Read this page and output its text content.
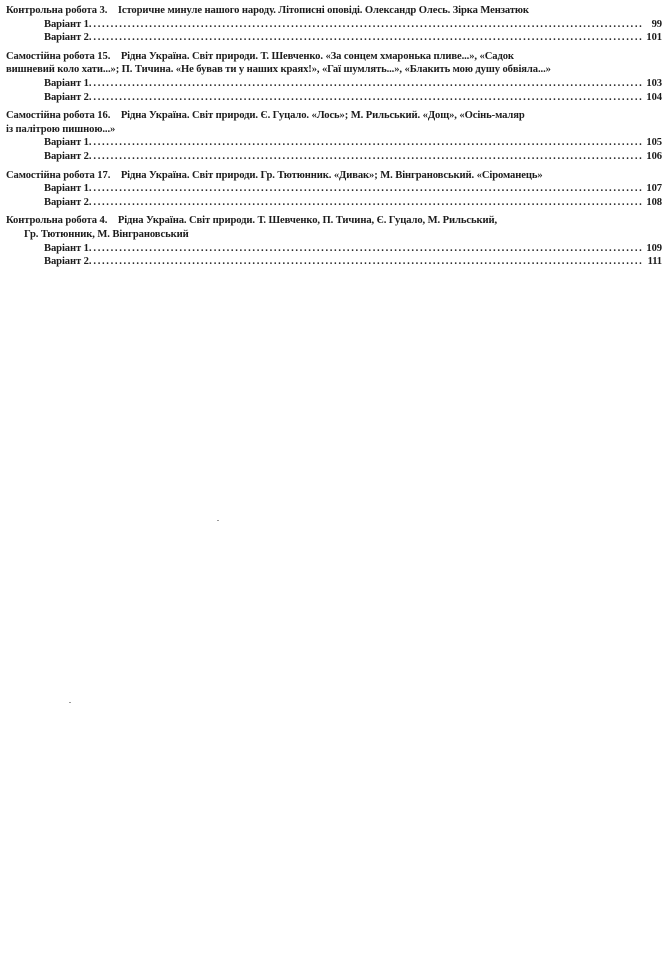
Контрольна робота 3. Історичне минуле нашого народу. Літописні оповіді. Олександр Олесь. Зірка Мензатюк
Варіант 1. . . .	99
Варіант 2. . . .	101
Самостійна робота 15. Рідна Україна. Світ природи. Т. Шевченко. «За сонцем хмаронька пливе...», «Садок
вишневий коло хати...»; П. Тичина. «Не бував ти у наших краях!», «Гаї шумлять...», «Блакить мою душу обвіяла...»
Варіант 1. . . .	103
Варіант 2. . . .	104
Самостійна робота 16. Рідна Україна. Світ природи. Є. Гуцало. «Лось»; М. Рильський. «Дощ», «Осінь-маляр
із палітрою пишною...»
Варіант 1. . . .	105
Варіант 2. . . .	106
Самостійна робота 17. Рідна Україна. Світ природи. Гр. Тютюнник. «Дивак»; М. Вінграновський. «Сіроманець»
Варіант 1. . . .	107
Варіант 2. . . .	108
Контрольна робота 4. Рідна Україна. Світ природи. Т. Шевченко, П. Тичина, Є. Гуцало, М. Рильський,
Гр. Тютюнник, М. Вінграновський
Варіант 1. . . .	109
Варіант 2. . . .	111
